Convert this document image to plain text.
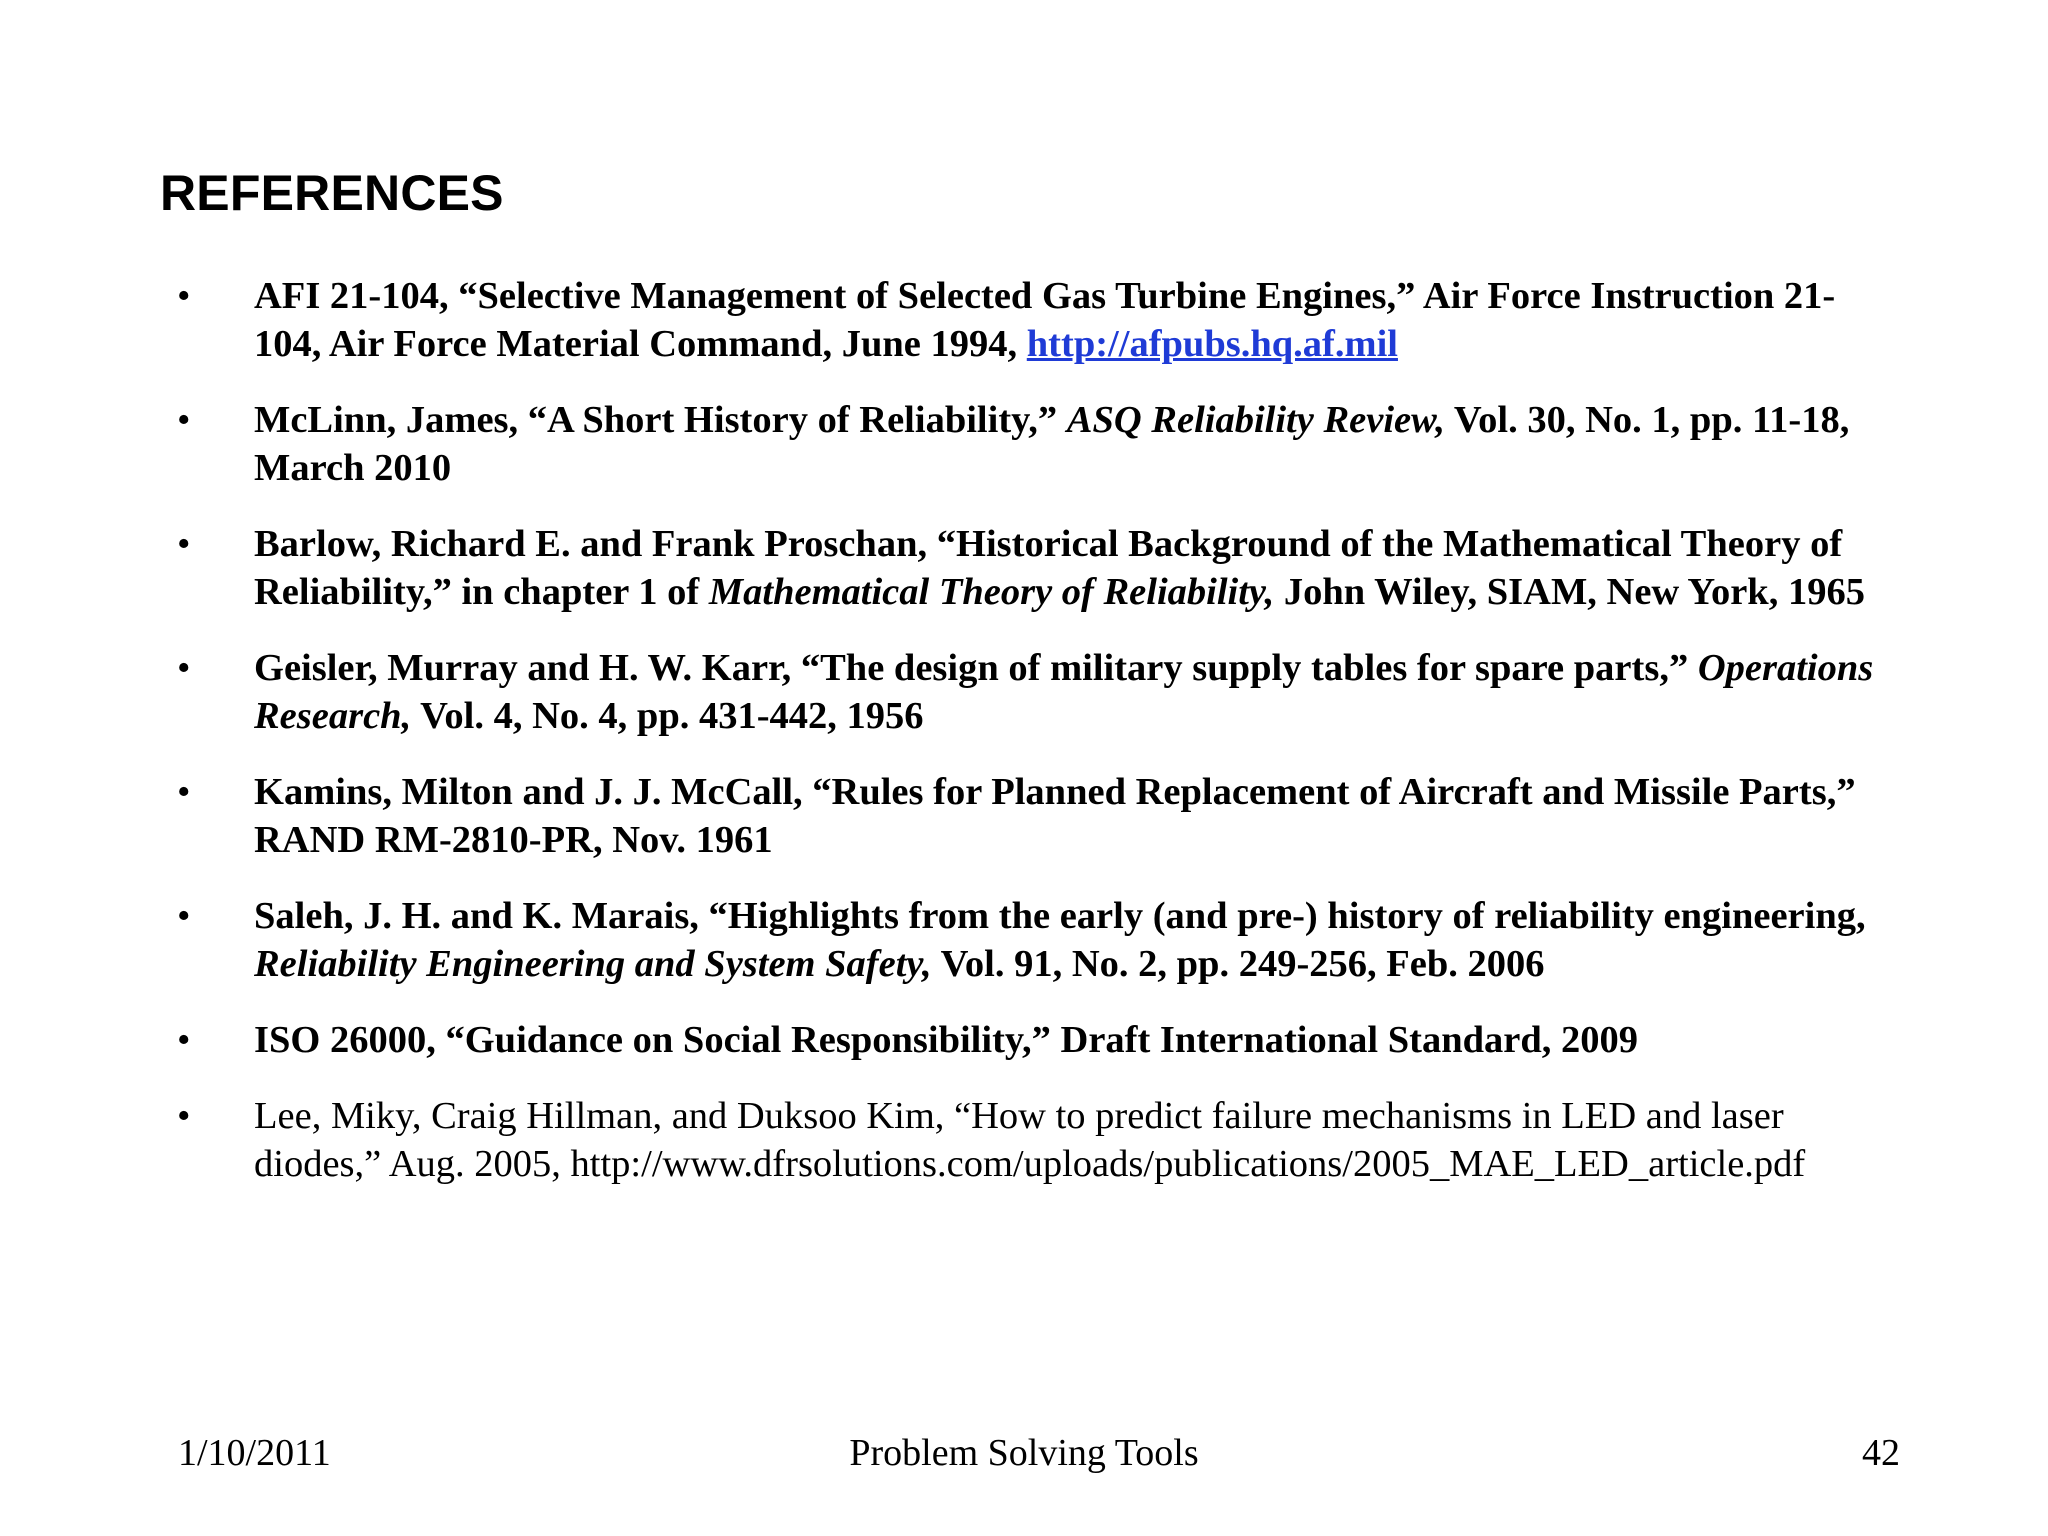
REFERENCES
• AFI 21-104, “Selective Management of Selected Gas Turbine Engines,” Air Force Instruction 21-104, Air Force Material Command, June 1994, http://afpubs.hq.af.mil
• McLinn, James, “A Short History of Reliability,” ASQ Reliability Review, Vol. 30, No. 1, pp. 11-18, March 2010
• Barlow, Richard E. and Frank Proschan, “Historical Background of the Mathematical Theory of Reliability,” in chapter 1 of Mathematical Theory of Reliability, John Wiley, SIAM, New York, 1965
• Geisler, Murray and H. W. Karr, “The design of military supply tables for spare parts,” Operations Research, Vol. 4, No. 4, pp. 431-442, 1956
• Kamins, Milton and J. J. McCall, “Rules for Planned Replacement of Aircraft and Missile Parts,” RAND RM-2810-PR, Nov. 1961
• Saleh, J. H. and K. Marais, “Highlights from the early (and pre-) history of reliability engineering, Reliability Engineering and System Safety, Vol. 91, No. 2, pp. 249-256, Feb. 2006
• ISO 26000, “Guidance on Social Responsibility,” Draft International Standard, 2009
• Lee, Miky, Craig Hillman, and Duksoo Kim, “How to predict failure mechanisms in LED and laser diodes,” Aug. 2005, http://www.dfrsolutions.com/uploads/publications/2005_MAE_LED_article.pdf
1/10/2011	Problem Solving Tools	42
